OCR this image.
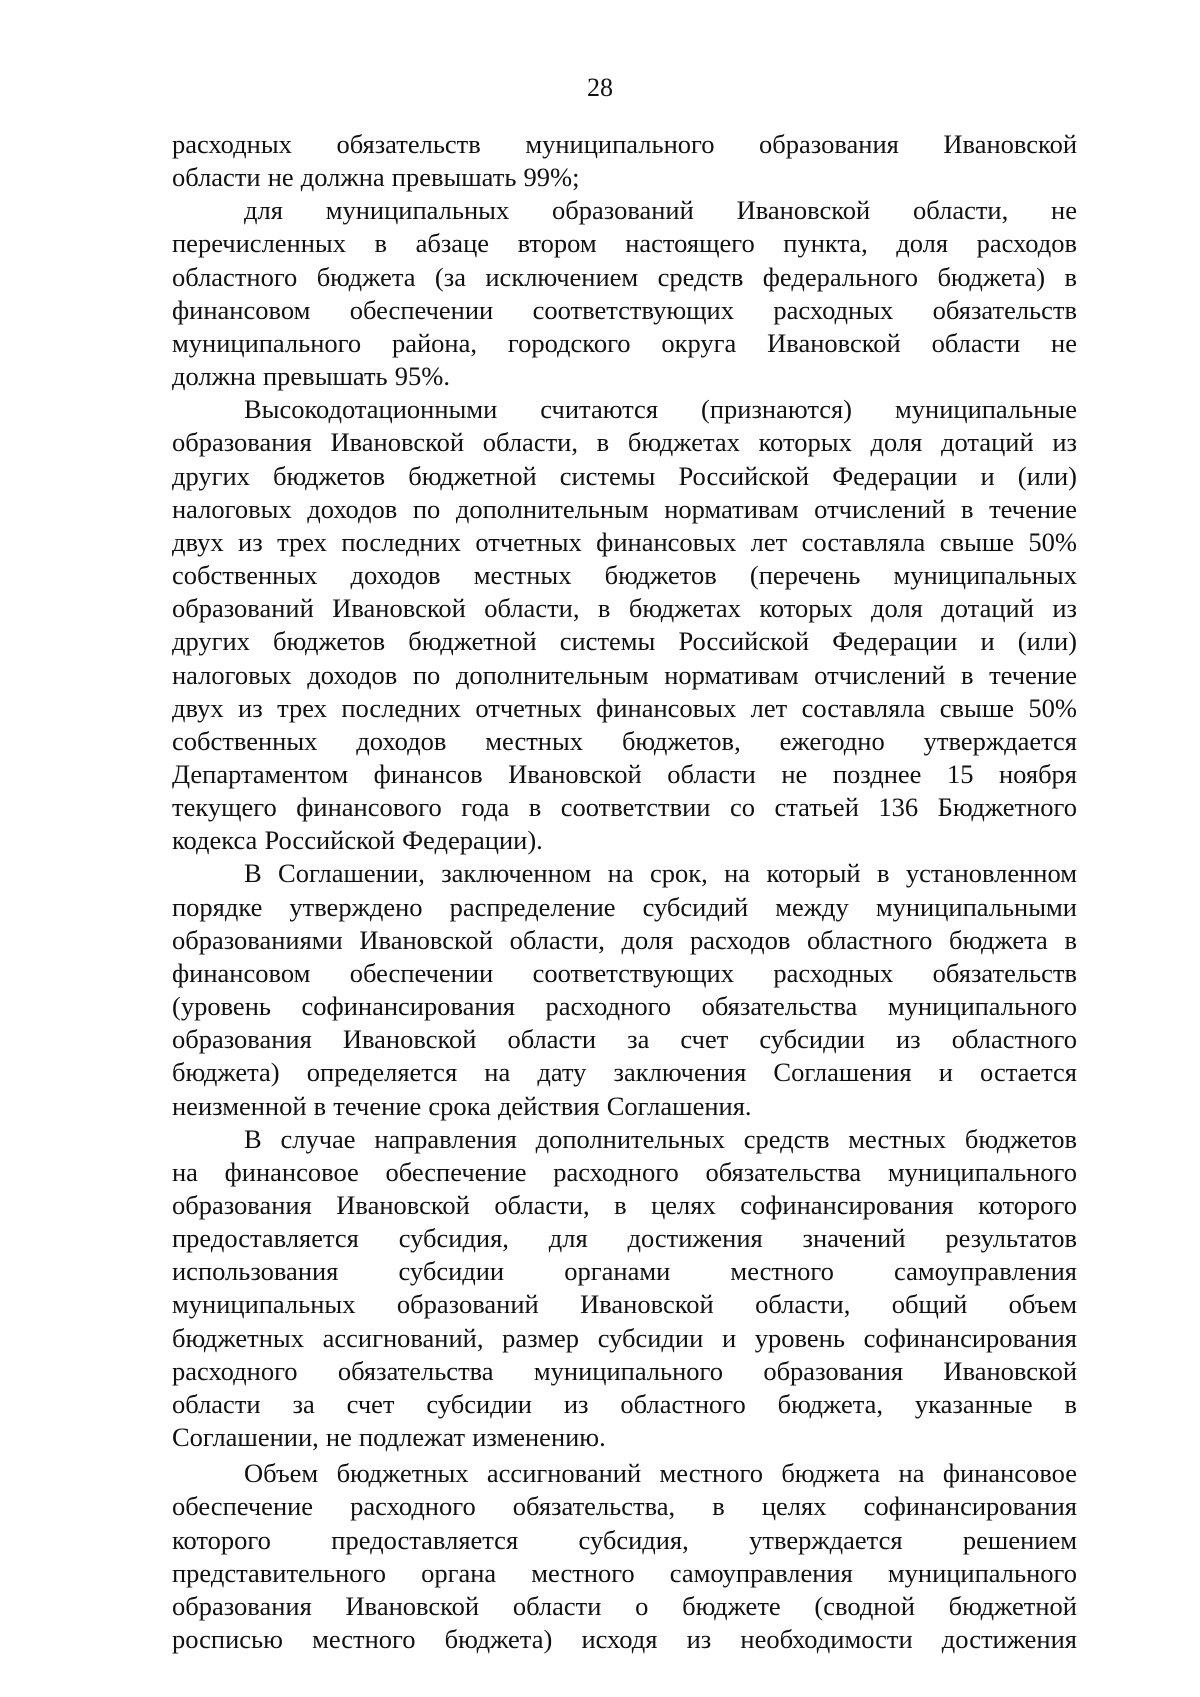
28
расходных обязательств муниципального образования Ивановской
области не должна превышать 99%;
для муниципальных образований Ивановской области, не
перечисленных в абзаце втором настоящего пункта, доля расходов
областного бюджета (за исключением средств федерального бюджета) в
финансовом обеспечении соответствующих расходных обязательств
муниципального района, городского округа Ивановской области не
должна превышать 95%.
Высокодотационными считаются (признаются) муниципальные
образования Ивановской области, в бюджетах которых доля дотаций из
других бюджетов бюджетной системы Российской Федерации и (или)
налоговых доходов по дополнительным нормативам отчислений в течение
двух из трех последних отчетных финансовых лет составляла свыше 50%
собственных доходов местных бюджетов (перечень муниципальных
образований Ивановской области, в бюджетах которых доля дотаций из
других бюджетов бюджетной системы Российской Федерации и (или)
налоговых доходов по дополнительным нормативам отчислений в течение
двух из трех последних отчетных финансовых лет составляла свыше 50%
собственных доходов местных бюджетов, ежегодно утверждается
Департаментом финансов Ивановской области не позднее 15 ноября
текущего финансового года в соответствии со статьей 136 Бюджетного
кодекса Российской Федерации).
В Соглашении, заключенном на срок, на который в установленном
порядке утверждено распределение субсидий между муниципальными
образованиями Ивановской области, доля расходов областного бюджета в
финансовом обеспечении соответствующих расходных обязательств
(уровень софинансирования расходного обязательства муниципального
образования Ивановской области за счет субсидии из областного
бюджета) определяется на дату заключения Соглашения и остается
неизменной в течение срока действия Соглашения.
В случае направления дополнительных средств местных бюджетов
на финансовое обеспечение расходного обязательства муниципального
образования Ивановской области, в целях софинансирования которого
предоставляется субсидия, для достижения значений результатов
использования субсидии органами местного самоуправления
муниципальных образований Ивановской области, общий объем
бюджетных ассигнований, размер субсидии и уровень софинансирования
расходного обязательства муниципального образования Ивановской
области за счет субсидии из областного бюджета, указанные в
Соглашении, не подлежат изменению.
Объем бюджетных ассигнований местного бюджета на финансовое
обеспечение расходного обязательства, в целях софинансирования
которого предоставляется субсидия, утверждается решением
представительного органа местного самоуправления муниципального
образования Ивановской области о бюджете (сводной бюджетной
росписью местного бюджета) исходя из необходимости достижения
